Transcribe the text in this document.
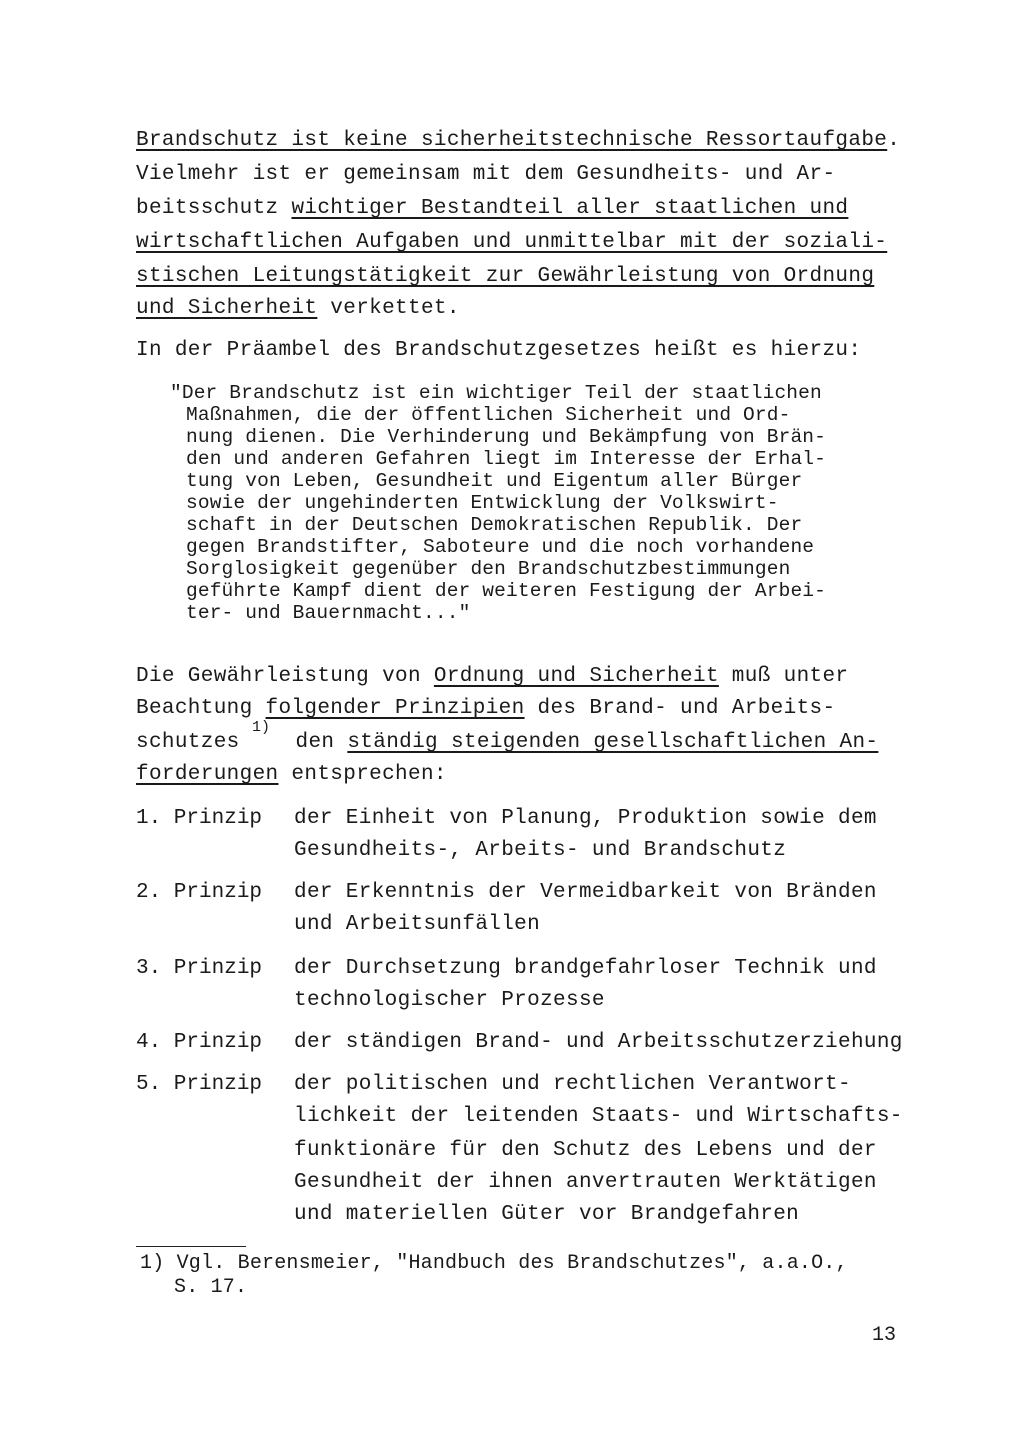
Brandschutz ist keine sicherheitstechnische Ressortaufgabe.
Vielmehr ist er gemeinsam mit dem Gesundheits- und Ar-
beitsschutz wichtiger Bestandteil aller staatlichen und
wirtschaftlichen Aufgaben und unmittelbar mit der soziali-
stischen Leitungstätigkeit zur Gewährleistung von Ordnung
und Sicherheit verkettet.
In der Präambel des Brandschutzgesetzes heißt es hierzu:
"Der Brandschutz ist ein wichtiger Teil der staatlichen
Maßnahmen, die der öffentlichen Sicherheit und Ord-
nung dienen. Die Verhinderung und Bekämpfung von Brän-
den und anderen Gefahren liegt im Interesse der Erhal-
tung von Leben, Gesundheit und Eigentum aller Bürger
sowie der ungehinderten Entwicklung der Volkswirt-
schaft in der Deutschen Demokratischen Republik. Der
gegen Brandstifter, Saboteure und die noch vorhandene
Sorglosigkeit gegenüber den Brandschutzbestimmungen
geführte Kampf dient der weiteren Festigung der Arbei-
ter- und Bauernmacht..."
Die Gewährleistung von Ordnung und Sicherheit muß unter
Beachtung folgender Prinzipien des Brand- und Arbeits-
schutzes  den ständig steigenden gesellschaftlichen An-
1)
forderungen entsprechen:
1. Prinzip der Einheit von Planung, Produktion sowie dem
Gesundheits-, Arbeits- und Brandschutz
2. Prinzip der Erkenntnis der Vermeidbarkeit von Bränden
und Arbeitsunfällen
3. Prinzip der Durchsetzung brandgefahrloser Technik und
technologischer Prozesse
4. Prinzip der ständigen Brand- und Arbeitsschutzerziehung
5. Prinzip der politischen und rechtlichen Verantwort-
lichkeit der leitenden Staats- und Wirtschafts-
funktionäre für den Schutz des Lebens und der
Gesundheit der ihnen anvertrauten Werktätigen
und materiellen Güter vor Brandgefahren
1) Vgl. Berensmeier, "Handbuch des Brandschutzes", a.a.O.,
S. 17.
13
